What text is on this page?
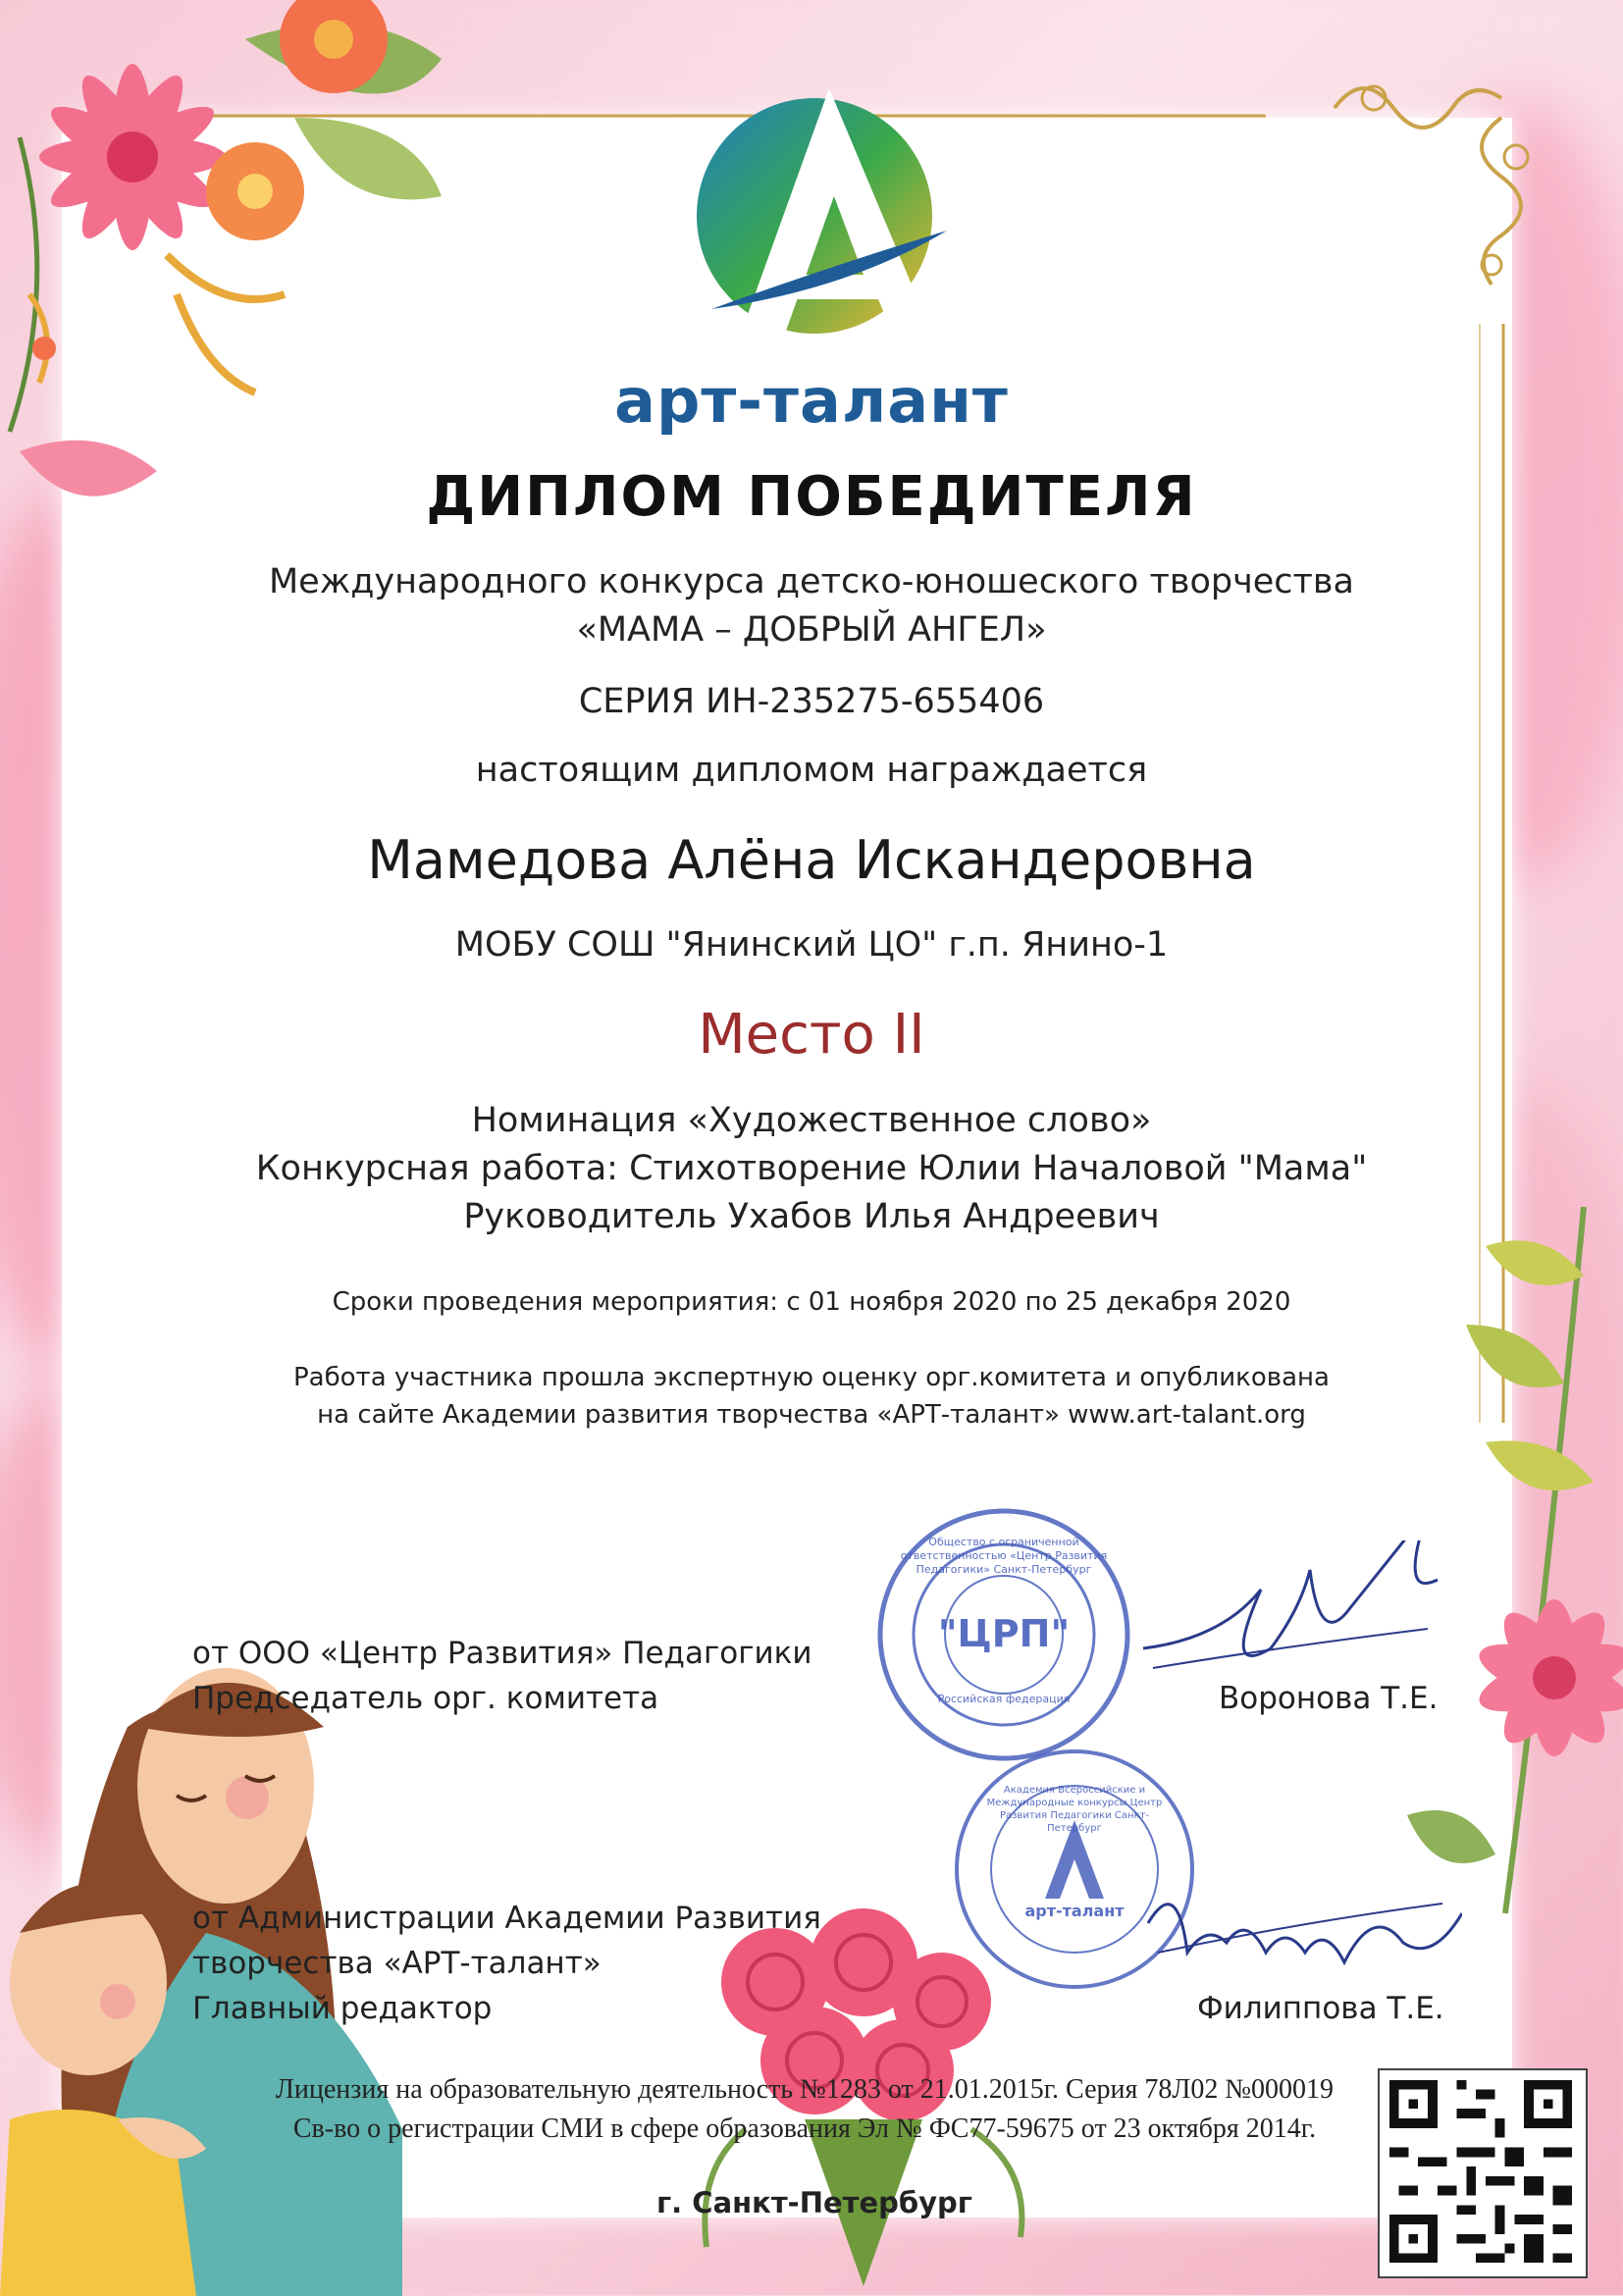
арт-талант
ДИПЛОМ ПОБЕДИТЕЛЯ
Международного конкурса детско-юношеского творчества
«МАМА – ДОБРЫЙ АНГЕЛ»
СЕРИЯ ИН-235275-655406
настоящим дипломом награждается
Мамедова Алёна Искандеровна
МОБУ СОШ "Янинский ЦО" г.п. Янино-1
Место II
Номинация «Художественное слово»
Конкурсная работа: Стихотворение Юлии Началовой "Мама"
Руководитель Ухабов Илья Андреевич
Сроки проведения мероприятия: с 01 ноября 2020 по 25 декабря 2020
Работа участника прошла экспертную оценку орг.комитета и опубликована
на сайте Академии развития творчества «АРТ-талант» www.art-talant.org
"ЦРП"
Общество с ограниченной ответственностью «Центр Развития Педагогики» Санкт-Петербург
Российская федерация
арт-талант
Академия Всероссийские и Международные конкурсы Центр Развития Педагогики Санкт-Петербург
от ООО «Центр Развития» Педагогики
Председатель орг. комитета	Воронова Т.Е.
от Администрации Академии Развития
творчества «АРТ-талант»
Главный редактор	Филиппова Т.Е.
Лицензия на образовательную деятельность №1283 от 21.01.2015г. Серия 78Л02 №000019
Св-во о регистрации СМИ в сфере образования Эл № ФС77-59675 от 23 октября 2014г.
г. Санкт-Петербург
